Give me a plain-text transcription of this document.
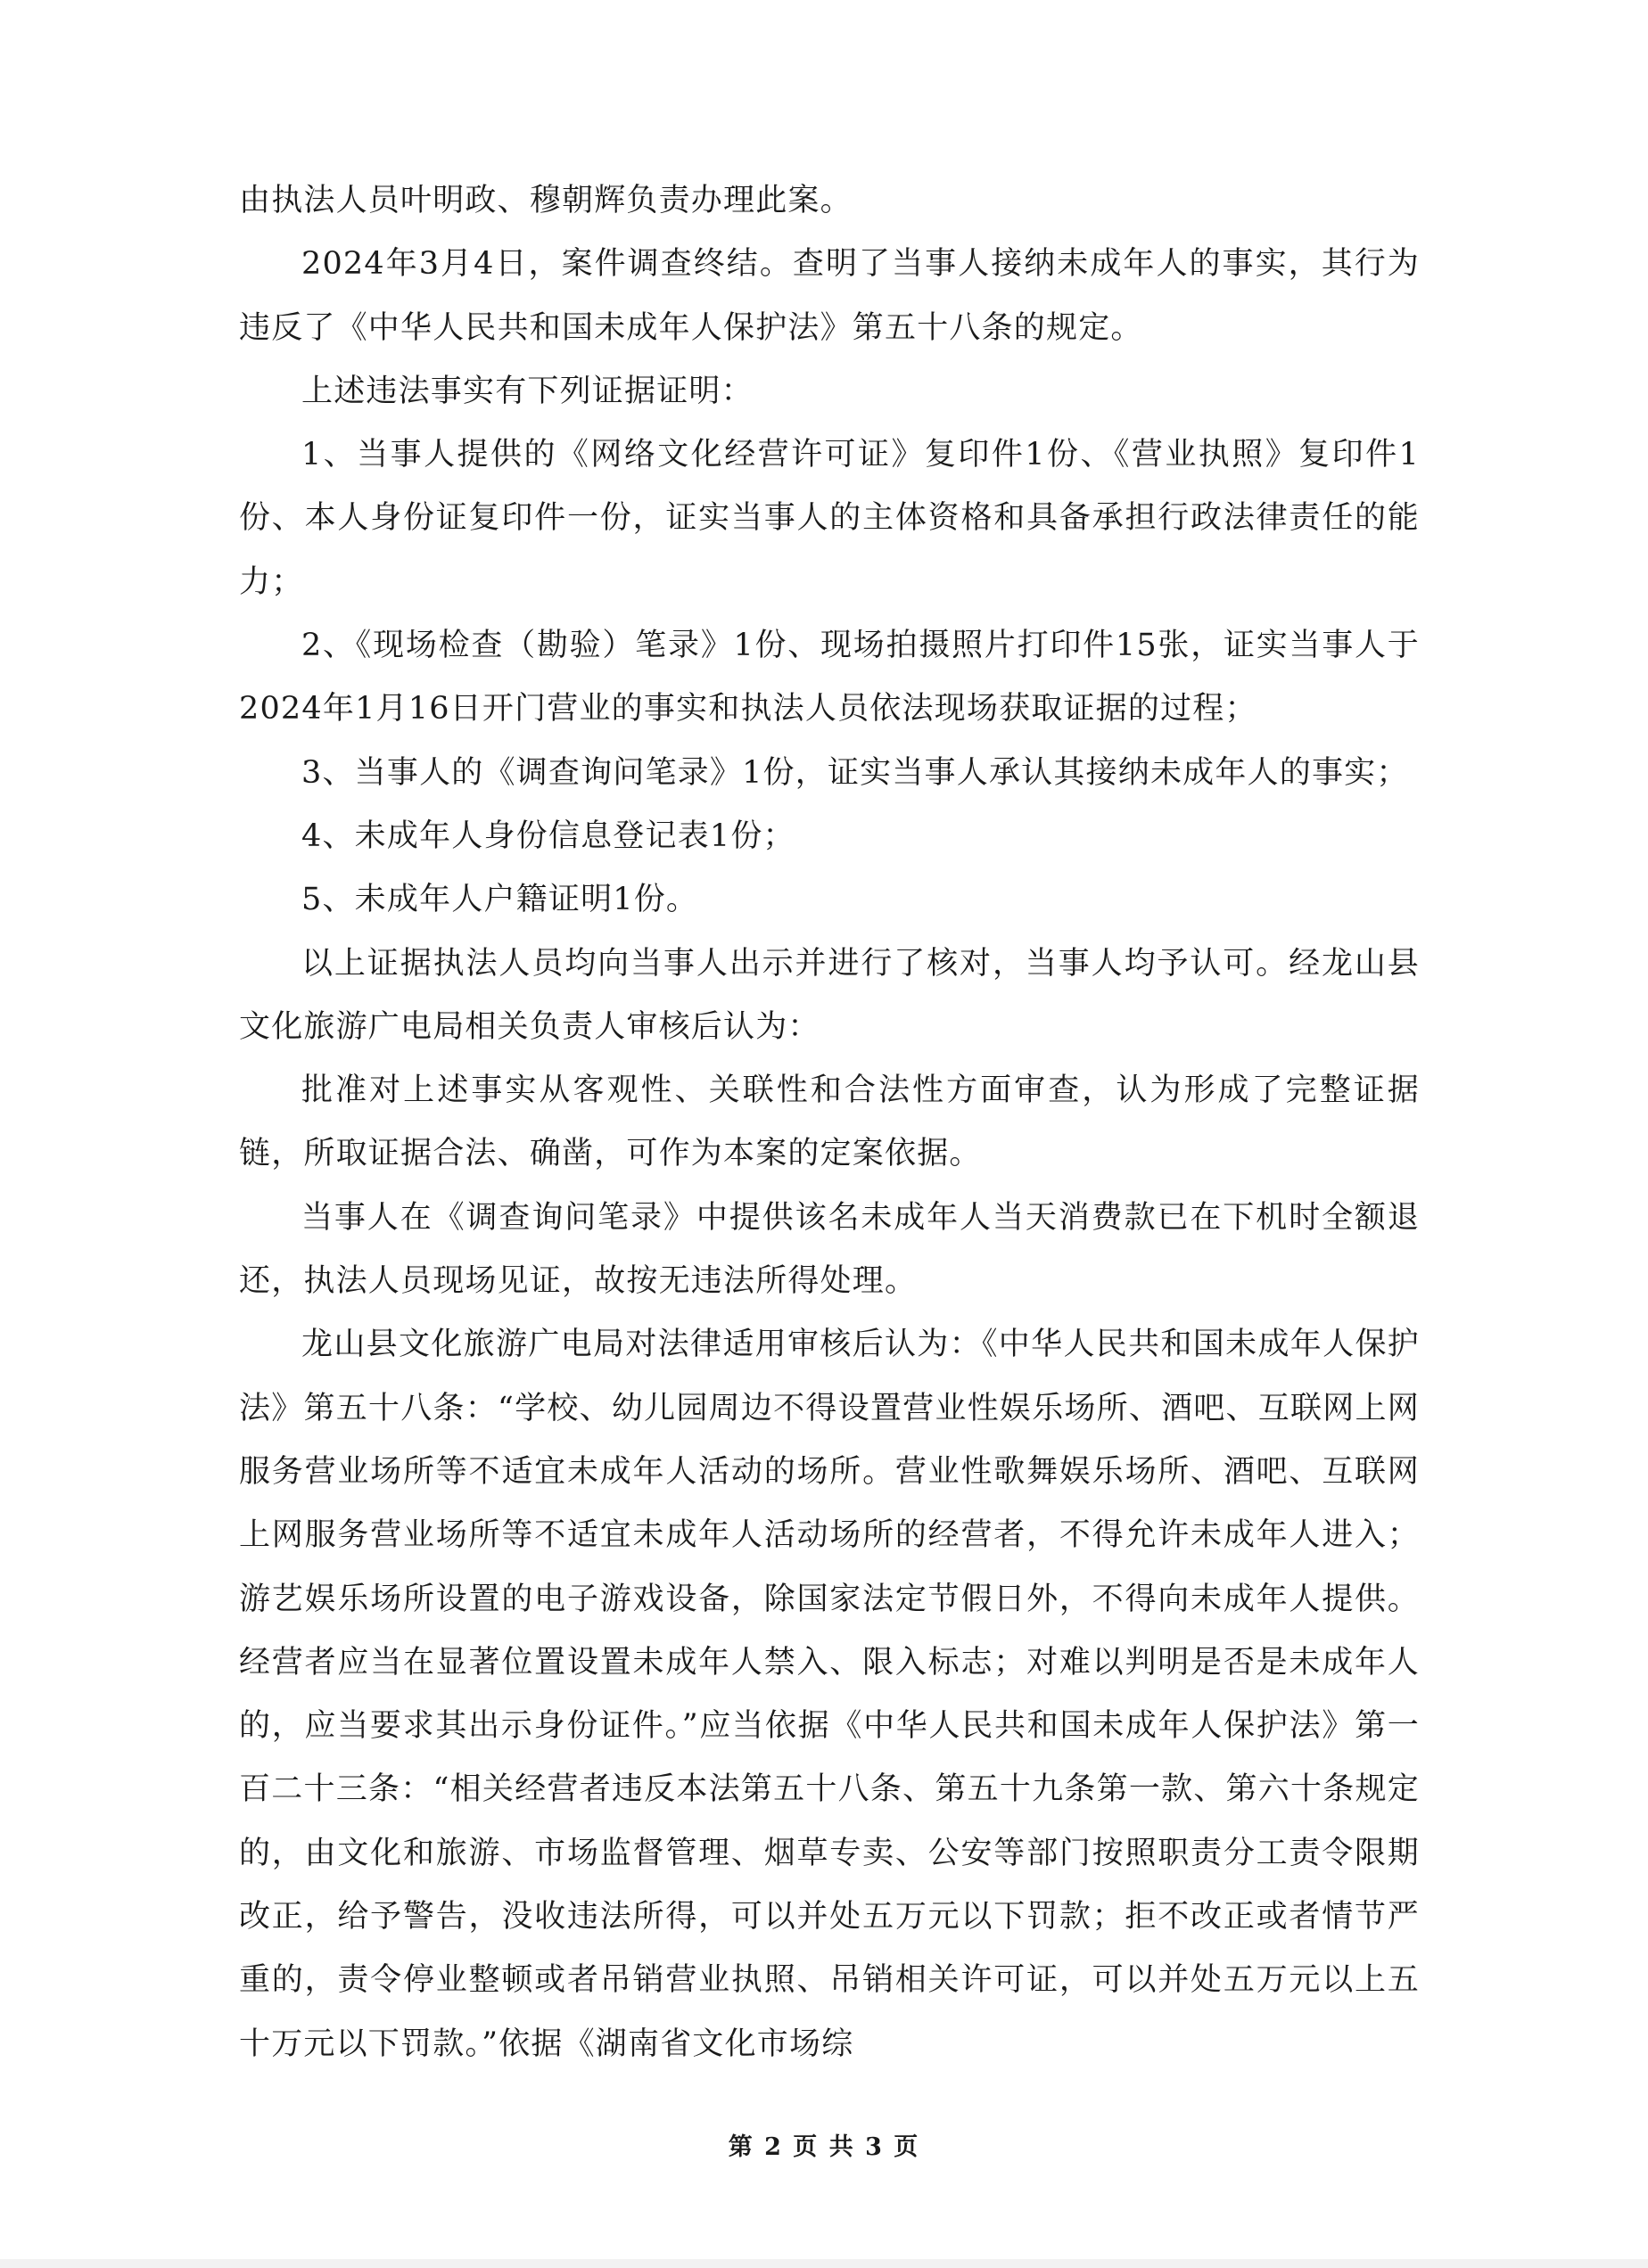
由执法人员叶明政、穆朝辉负责办理此案。

2024年3月4日，案件调查终结。查明了当事人接纳未成年人的事实，其行为违反了《中华人民共和国未成年人保护法》第五十八条的规定。

上述违法事实有下列证据证明：

1、当事人提供的《网络文化经营许可证》复印件1份、《营业执照》复印件1份、本人身份证复印件一份，证实当事人的主体资格和具备承担行政法律责任的能力；

2、《现场检查（勘验）笔录》1份、现场拍摄照片打印件15张，证实当事人于2024年1月16日开门营业的事实和执法人员依法现场获取证据的过程；

3、当事人的《调查询问笔录》1份，证实当事人承认其接纳未成年人的事实；

4、未成年人身份信息登记表1份；

5、未成年人户籍证明1份。

以上证据执法人员均向当事人出示并进行了核对，当事人均予认可。经龙山县文化旅游广电局相关负责人审核后认为：

批准对上述事实从客观性、关联性和合法性方面审查，认为形成了完整证据链，所取证据合法、确凿，可作为本案的定案依据。

当事人在《调查询问笔录》中提供该名未成年人当天消费款已在下机时全额退还，执法人员现场见证，故按无违法所得处理。

龙山县文化旅游广电局对法律适用审核后认为：《中华人民共和国未成年人保护法》第五十八条：“学校、幼儿园周边不得设置营业性娱乐场所、酒吧、互联网上网服务营业场所等不适宜未成年人活动的场所。营业性歌舞娱乐场所、酒吧、互联网上网服务营业场所等不适宜未成年人活动场所的经营者，不得允许未成年人进入；游艺娱乐场所设置的电子游戏设备，除国家法定节假日外，不得向未成年人提供。经营者应当在显著位置设置未成年人禁入、限入标志；对难以判明是否是未成年人的，应当要求其出示身份证件。”应当依据《中华人民共和国未成年人保护法》第一百二十三条：“相关经营者违反本法第五十八条、第五十九条第一款、第六十条规定的，由文化和旅游、市场监督管理、烟草专卖、公安等部门按照职责分工责令限期改正，给予警告，没收违法所得，可以并处五万元以下罚款；拒不改正或者情节严重的，责令停业整顿或者吊销营业执照、吊销相关许可证，可以并处五万元以上五十万元以下罚款。”依据《湖南省文化市场综

第 2 页 共 3 页
